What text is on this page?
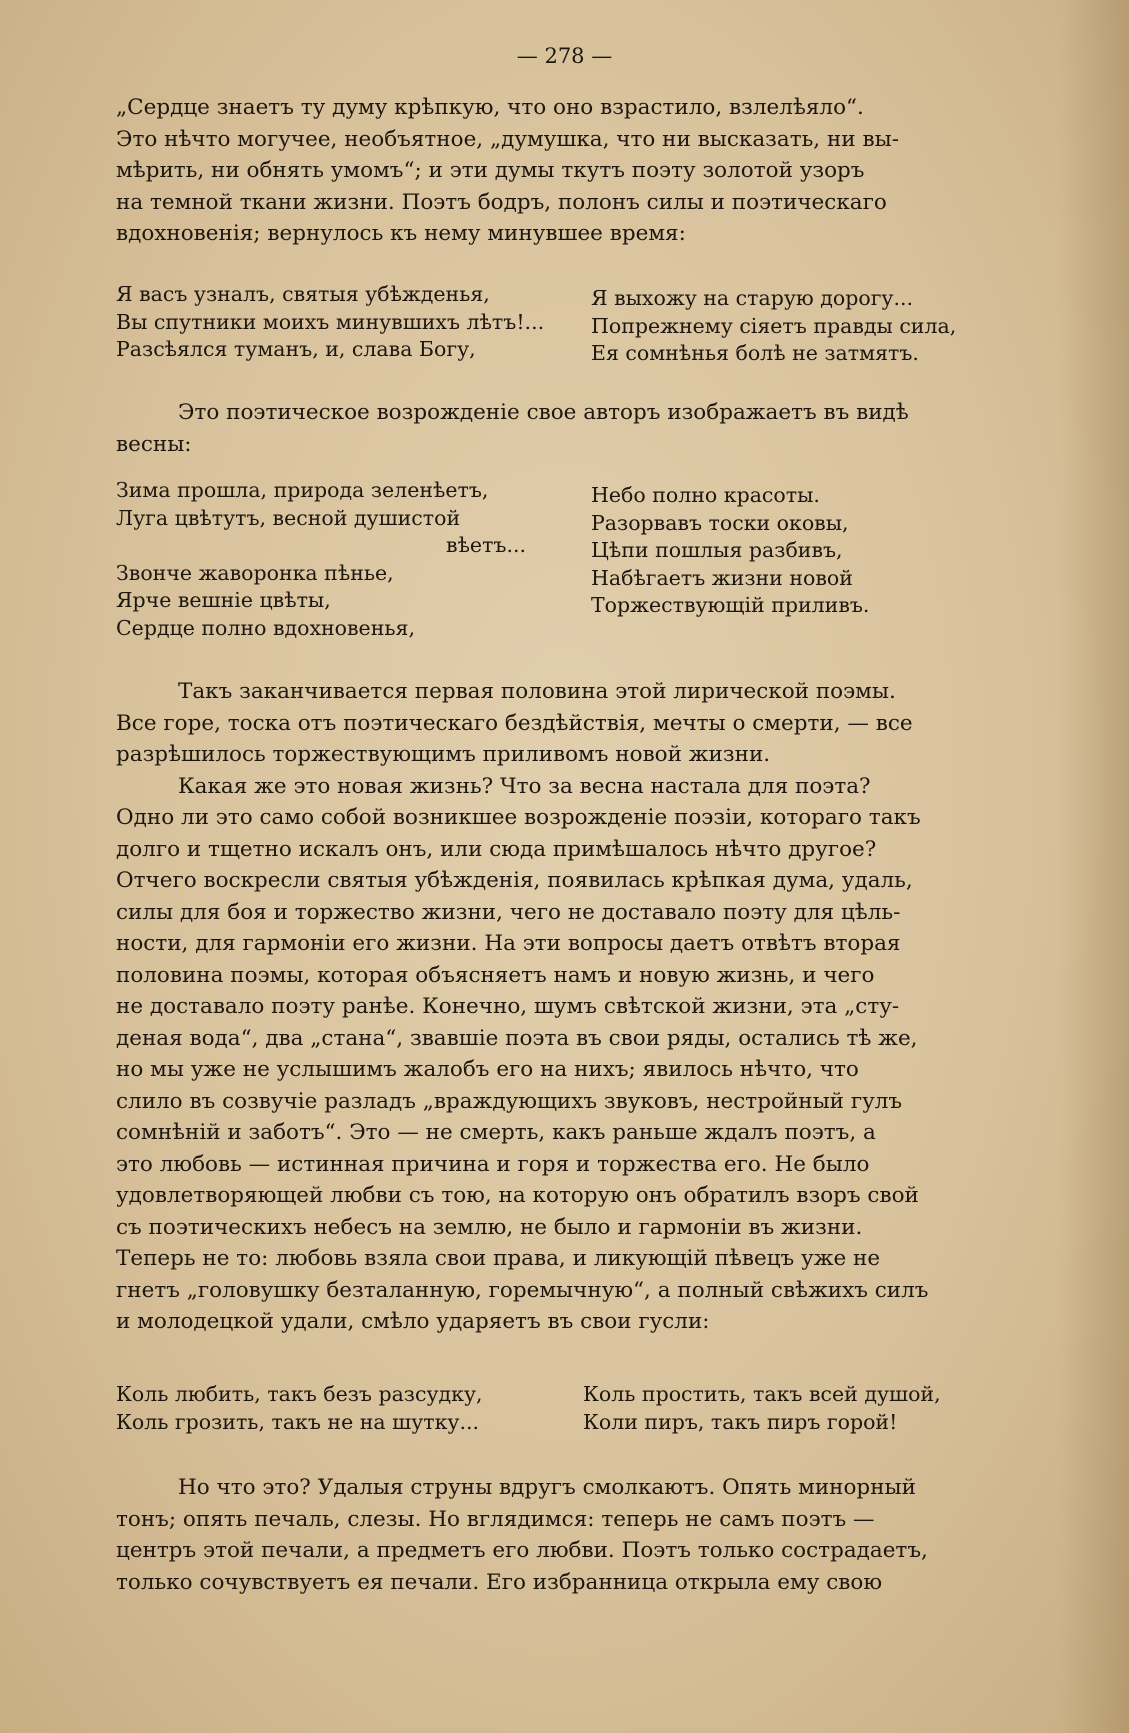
— 278 —

„Сердце знаетъ ту думу крѣпкую, что оно взрастило, взлелѣяло“.

Это нѣчто могучее, необъятное, „думушка, что ни высказать, ни вы-

мѣрить, ни обнять умомъ“; и эти думы ткутъ поэту золотой узоръ

на темной ткани жизни. Поэтъ бодръ, полонъ силы и поэтическаго

вдохновенія; вернулось къ нему минувшее время:

Я васъ узналъ, святыя убѣжденья,
Вы спутники моихъ минувшихъ лѣтъ!...
Разсѣялся туманъ, и, слава Богу,
Я выхожу на старую дорогу...
Попрежнему сіяетъ правды сила,
Ея сомнѣнья болѣ не затмятъ.

Это поэтическое возрожденіе свое авторъ изображаетъ въ видѣ

весны:

Зима прошла, природа зеленѣетъ,
Луга цвѣтутъ, весной душистой
вѣетъ...
Звонче жаворонка пѣнье,
Ярче вешніе цвѣты,
Сердце полно вдохновенья,
Небо полно красоты.
Разорвавъ тоски оковы,
Цѣпи пошлыя разбивъ,
Набѣгаетъ жизни новой
Торжествующій приливъ.

Такъ заканчивается первая половина этой лирической поэмы.

Все горе, тоска отъ поэтическаго бездѣйствія, мечты о смерти, — все

разрѣшилось торжествующимъ приливомъ новой жизни.

Какая же это новая жизнь? Что за весна настала для поэта?

Одно ли это само собой возникшее возрожденіе поэзіи, котораго такъ

долго и тщетно искалъ онъ, или сюда примѣшалось нѣчто другое?

Отчего воскресли святыя убѣжденія, появилась крѣпкая дума, удаль,

силы для боя и торжество жизни, чего не доставало поэту для цѣль-

ности, для гармоніи его жизни. На эти вопросы даетъ отвѣтъ вторая

половина поэмы, которая объясняетъ намъ и новую жизнь, и чего

не доставало поэту ранѣе. Конечно, шумъ свѣтской жизни, эта „сту-

деная вода“, два „стана“, звавшіе поэта въ свои ряды, остались тѣ же,

но мы уже не услышимъ жалобъ его на нихъ; явилось нѣчто, что

слило въ созвучіе разладъ „враждующихъ звуковъ, нестройный гулъ

сомнѣній и заботъ“. Это — не смерть, какъ раньше ждалъ поэтъ, а

это любовь — истинная причина и горя и торжества его. Не было

удовлетворяющей любви съ тою, на которую онъ обратилъ взоръ свой

съ поэтическихъ небесъ на землю, не было и гармоніи въ жизни.

Теперь не то: любовь взяла свои права, и ликующій пѣвецъ уже не

гнетъ „головушку безталанную, горемычную“, а полный свѣжихъ силъ

и молодецкой удали, смѣло ударяетъ въ свои гусли:

Коль любить, такъ безъ разсудку,
Коль грозить, такъ не на шутку...
Коль простить, такъ всей душой,
Коли пиръ, такъ пиръ горой!

Но что это? Удалыя струны вдругъ смолкаютъ. Опять минорный

тонъ; опять печаль, слезы. Но вглядимся: теперь не самъ поэтъ —

центръ этой печали, а предметъ его любви. Поэтъ только сострадаетъ,

только сочувствуетъ ея печали. Его избранница открыла ему свою
